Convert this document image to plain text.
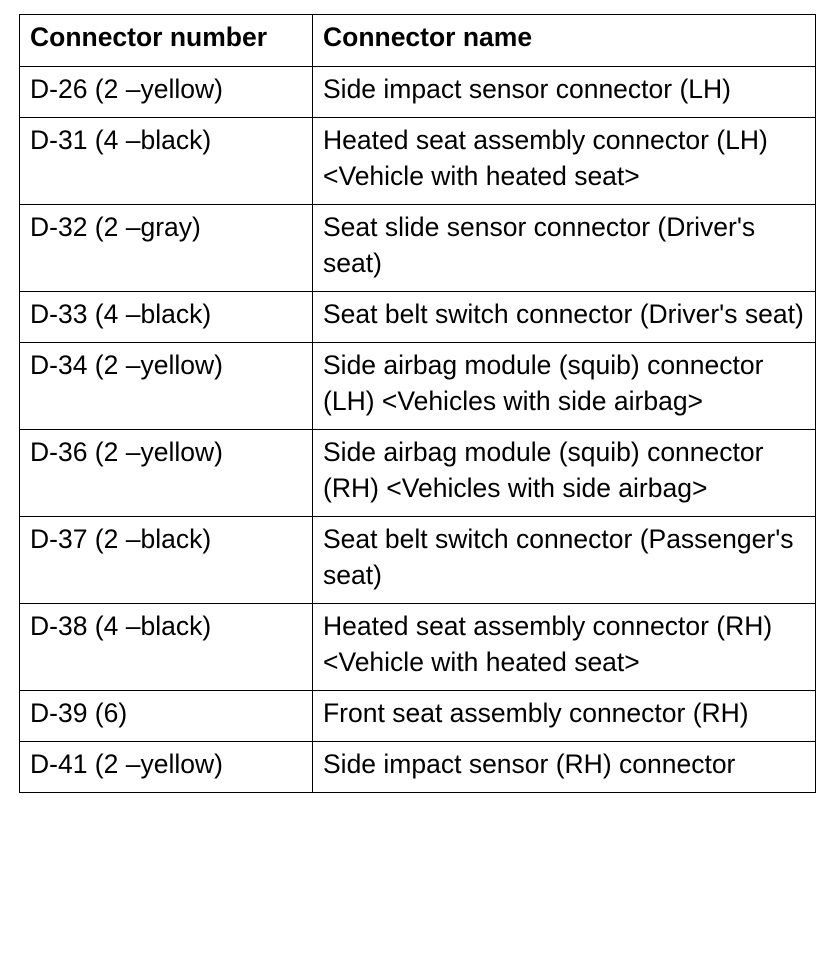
Connector number	Connector name
D-26 (2 –yellow)	Side impact sensor connector (LH)
D-31 (4 –black)	Heated seat assembly connector (LH) <Vehicle with heated seat>
D-32 (2 –gray)	Seat slide sensor connector (Driver's seat)
D-33 (4 –black)	Seat belt switch connector (Driver's seat)
D-34 (2 –yellow)	Side airbag module (squib) connector (LH) <Vehicles with side airbag>
D-36 (2 –yellow)	Side airbag module (squib) connector (RH) <Vehicles with side airbag>
D-37 (2 –black)	Seat belt switch connector (Passenger's seat)
D-38 (4 –black)	Heated seat assembly connector (RH) <Vehicle with heated seat>
D-39 (6)	Front seat assembly connector (RH)
D-41 (2 –yellow)	Side impact sensor (RH) connector
